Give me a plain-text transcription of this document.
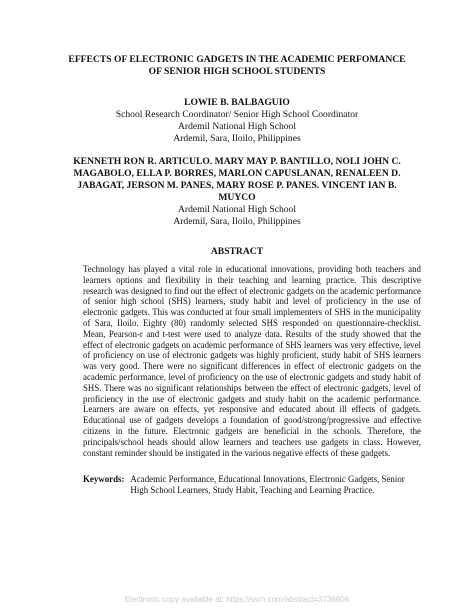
EFFECTS OF ELECTRONIC GADGETS IN THE ACADEMIC PERFOMANCE OF SENIOR HIGH SCHOOL STUDENTS

LOWIE B. BALBAGUIO

School Research Coordinator/ Senior High School Coordinator

Ardemil National High School

Ardemil, Sara, Iloilo, Philippines

KENNETH RON R. ARTICULO. MARY MAY P. BANTILLO, NOLI JOHN C. MAGABOLO, ELLA P. BORRES, MARLON CAPUSLANAN, RENALEEN D. JABAGAT, JERSON M. PANES, MARY ROSE P. PANES. VINCENT IAN B. MUYCO

Ardemil National High School

Ardemil, Sara, Iloilo, Philippines

ABSTRACT

Technology has played a vital role in educational innovations, providing both teachers and learners options and flexibility in their teaching and learning practice. This descriptive research was designed to find out the effect of electronic gadgets on the academic performance of senior high school (SHS) learners, study habit and level of proficiency in the use of electronic gadgets. This was conducted at four small implementers of SHS in the municipality of Sara, Iloilo. Eighty (80) randomly selected SHS responded on questionnaire-checklist. Mean, Pearson-r and t-test were used to analyze data. Results of the study showed that the effect of electronic gadgets on academic performance of SHS learners was very effective, level of proficiency on use of electronic gadgets was highly proficient, study habit of SHS learners was very good. There were no significant differences in effect of electronic gadgets on the academic performance, level of proficiency on the use of electronic gadgets and study habit of SHS. There was no significant relationships between the effect of electronic gadgets, level of proficiency in the use of electronic gadgets and study habit on the academic performance. Learners are aware on effects, yet responsive and educated about ill effects of gadgets. Educational use of gadgets develops a foundation of good/strong/progressive and effective citizens in the future. Electronic gadgets are beneficial in the schools. Therefore, the principals/school heads should allow learners and teachers use gadgets in class. However, constant reminder should be instigated in the various negative effects of these gadgets.

Keywords: Academic Performance, Educational Innovations, Electronic Gadgets, Senior High School Learners, Study Habit, Teaching and Learning Practice.
Electronic copy available at: https://ssrn.com/abstract=3736606
